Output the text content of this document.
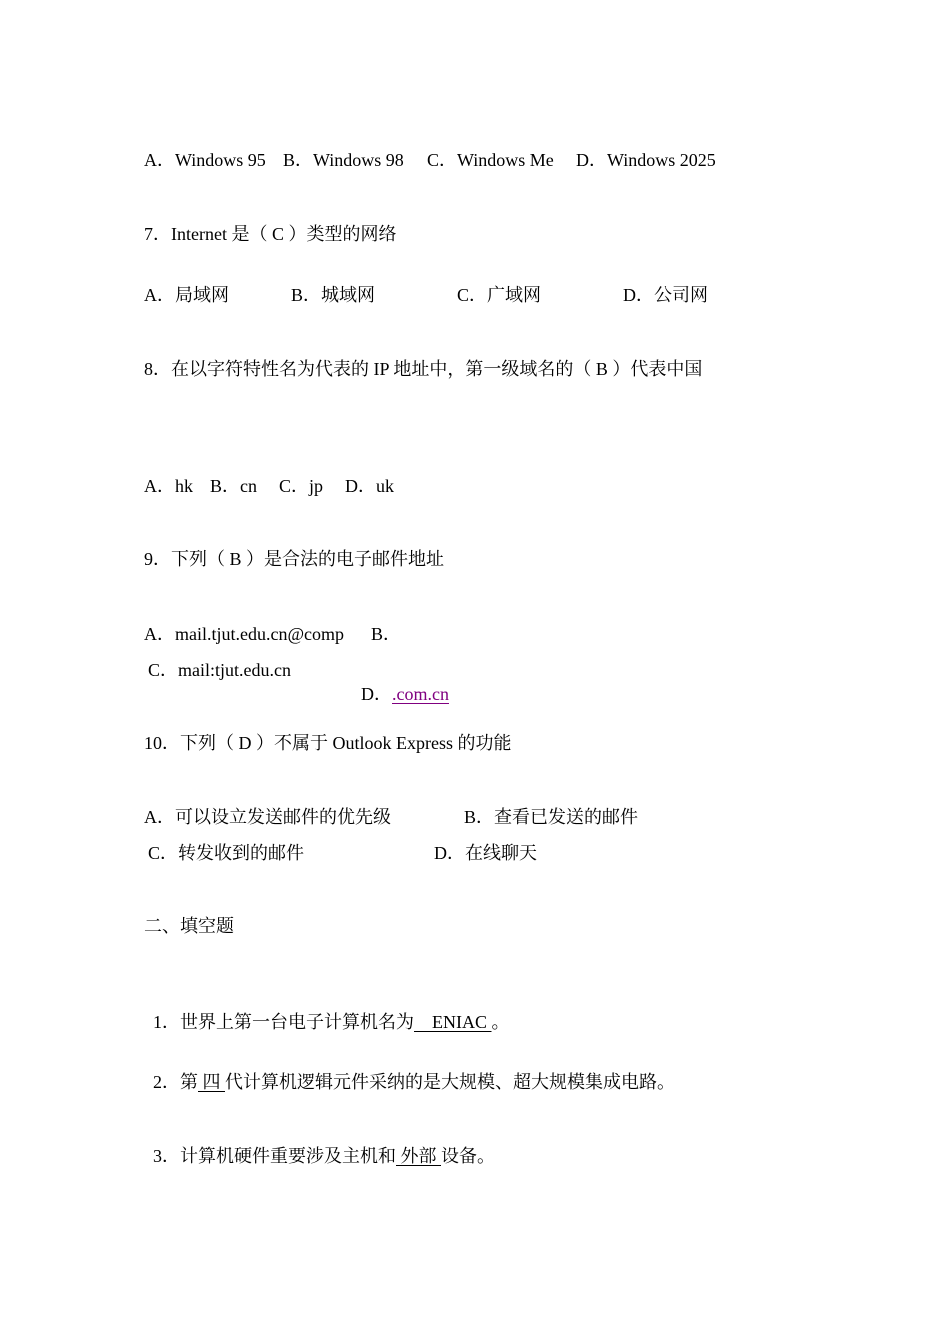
A．Windows 95

B．Windows 98

C．Windows Me

D．Windows 2025

7．Internet 是（ C ）类型的网络

A．局域网

	B．城域网

	C．广域网

	D．公司网

8．在以字符特性名为代表的 IP 地址中，第一级域名的（ B ）代表中国

A．hk

B．cn

C．jp

D．uk

9．下列（ B ）是合法的电子邮件地址

A．mail.tjut.edu.cn@comp

B．

C．mail:tjut.edu.cn

D．.com.cn

10．下列（ D ）不属于 Outlook Express 的功能

A．可以设立发送邮件的优先级

	B．查看已发送的邮件

C．转发收到的邮件

	D．在线聊天

二、填空题

1．世界上第一台电子计算机名为    ENIAC 。

2．第 四 代计算机逻辑元件采纳的是大规模、超大规模集成电路。

3．计算机硬件重要涉及主机和 外部 设备。
